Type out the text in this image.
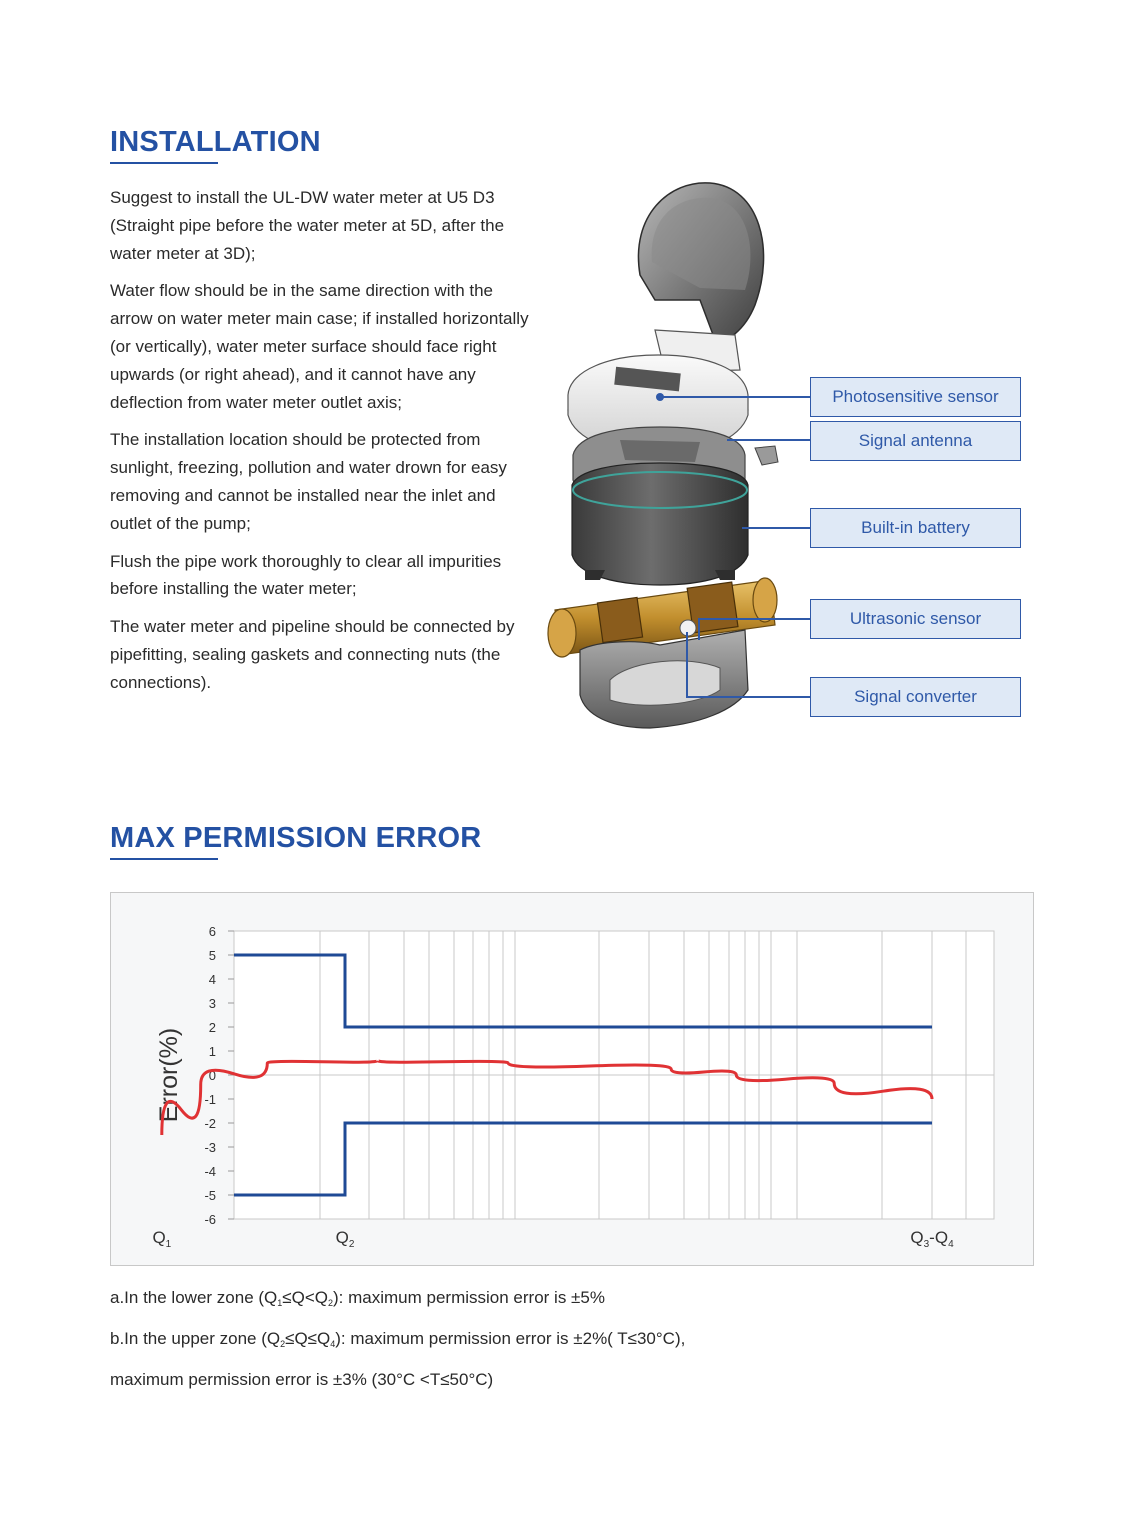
INSTALLATION

Suggest to install the UL-DW water meter at U5 D3 (Straight pipe before the water meter at 5D, after the water meter at 3D);

Water flow should be in the same direction with the arrow on water meter main case; if installed horizontally (or vertically), water meter surface should face right upwards (or right ahead), and it cannot have any deflection from water meter outlet axis;

The installation location should be protected from sunlight, freezing, pollution and water drown for easy removing and cannot be installed near the inlet and outlet of the pump;

Flush the pipe work thoroughly to clear all impurities before installing the water meter;

The water meter and pipeline should be connected by pipefitting, sealing gaskets and connecting nuts (the connections).

Photosensitive sensor
Signal antenna
Built-in battery
Ultrasonic sensor
Signal converter
MAX PERMISSION ERROR
6
5
4
3
2
1
0
-1
-2
-3
-4
-5
-6
Error(%)
$Q_1$	$Q_2$	$Q_3-Q_4$

a.In the lower zone $(Q_1\le Q<Q_2)$: maximum permission error is ±5%

b.In the upper zone $(Q_2\le Q\le Q_4)$: maximum permission error is ±2%( T≤30°C),

maximum permission error is ±3% (30°C <T≤50°C)
